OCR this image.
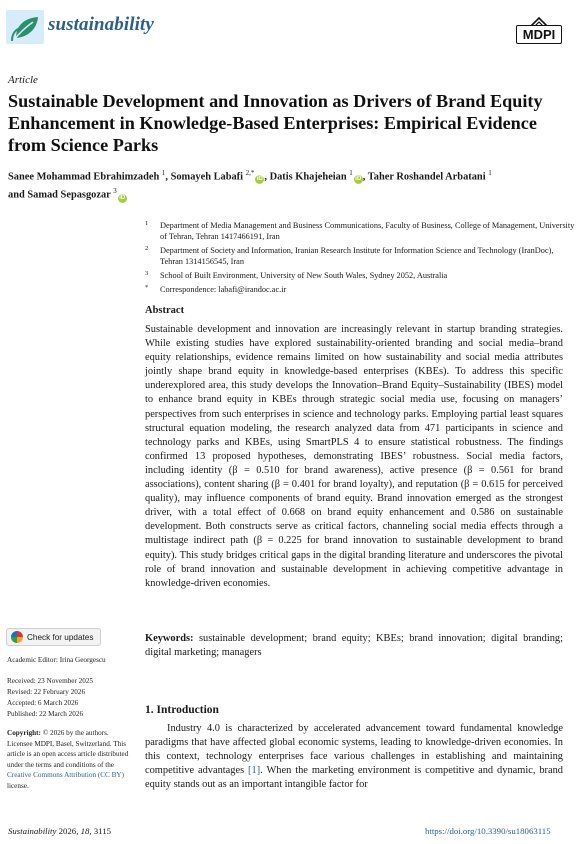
sustainability	MDPI
Article
Sustainable Development and Innovation as Drivers of Brand Equity Enhancement in Knowledge-Based Enterprises: Empirical Evidence from Science Parks
Sanee Mohammad Ebrahimzadeh $^1$, Somayeh Labafi $^{2,*}$iD , Datis Khajeheian $^1$iD , Taher Roshandel Arbatani $^1$
and Samad Sepasgozar $^3$iD
1 Department of Media Management and Business Communications, Faculty of Business, College of Management, University of Tehran, Tehran 1417466191, Iran
2 Department of Society and Information, Iranian Research Institute for Information Science and Technology (IranDoc), Tehran 1314156545, Iran
3 School of Built Environment, University of New South Wales, Sydney 2052, Australia
* Correspondence: labafi@irandoc.ac.ir
Abstract
Sustainable development and innovation are increasingly relevant in startup branding strategies. While existing studies have explored sustainability-oriented branding and social media–brand equity relationships, evidence remains limited on how sustainability and social media attributes jointly shape brand equity in knowledge-based enterprises (KBEs). To address this specific underexplored area, this study develops the Innovation–Brand Equity–Sustainability (IBES) model to enhance brand equity in KBEs through strategic social media use, focusing on managers’ perspectives from such enterprises in science and technology parks. Employing partial least squares structural equation modeling, the research analyzed data from 471 participants in science and technology parks and KBEs, using SmartPLS 4 to ensure statistical robustness. The findings confirmed 13 proposed hypotheses, demonstrating IBES’ robustness. Social media factors, including identity (β = 0.510 for brand awareness), active presence (β = 0.561 for brand associations), content sharing (β = 0.401 for brand loyalty), and reputation (β = 0.615 for perceived quality), may influence components of brand equity. Brand innovation emerged as the strongest driver, with a total effect of 0.668 on brand equity enhancement and 0.586 on sustainable development. Both constructs serve as critical factors, channeling social media effects through a multistage indirect path (β = 0.225 for brand innovation to sustainable development to brand equity). This study bridges critical gaps in the digital branding literature and underscores the pivotal role of brand innovation and sustainable development in achieving competitive advantage in knowledge-driven economies.
Keywords: sustainable development; brand equity; KBEs; brand innovation; digital branding; digital marketing; managers
1. Introduction
Industry 4.0 is characterized by accelerated advancement toward fundamental knowledge paradigms that have affected global economic systems, leading to knowledge-driven economies. In this context, technology enterprises face various challenges in establishing and maintaining competitive advantages [1]. When the marketing environment is competitive and dynamic, brand equity stands out as an important intangible factor for
Check for updates
Academic Editor: Irina Georgescu
Received: 23 November 2025
Revised: 22 February 2026
Accepted: 6 March 2026
Published: 22 March 2026
Copyright: © 2026 by the authors. Licensee MDPI, Basel, Switzerland. This article is an open access article distributed under the terms and conditions of the Creative Commons Attribution (CC BY) license.
Sustainability 2026, 18, 3115	https://doi.org/10.3390/su18063115
